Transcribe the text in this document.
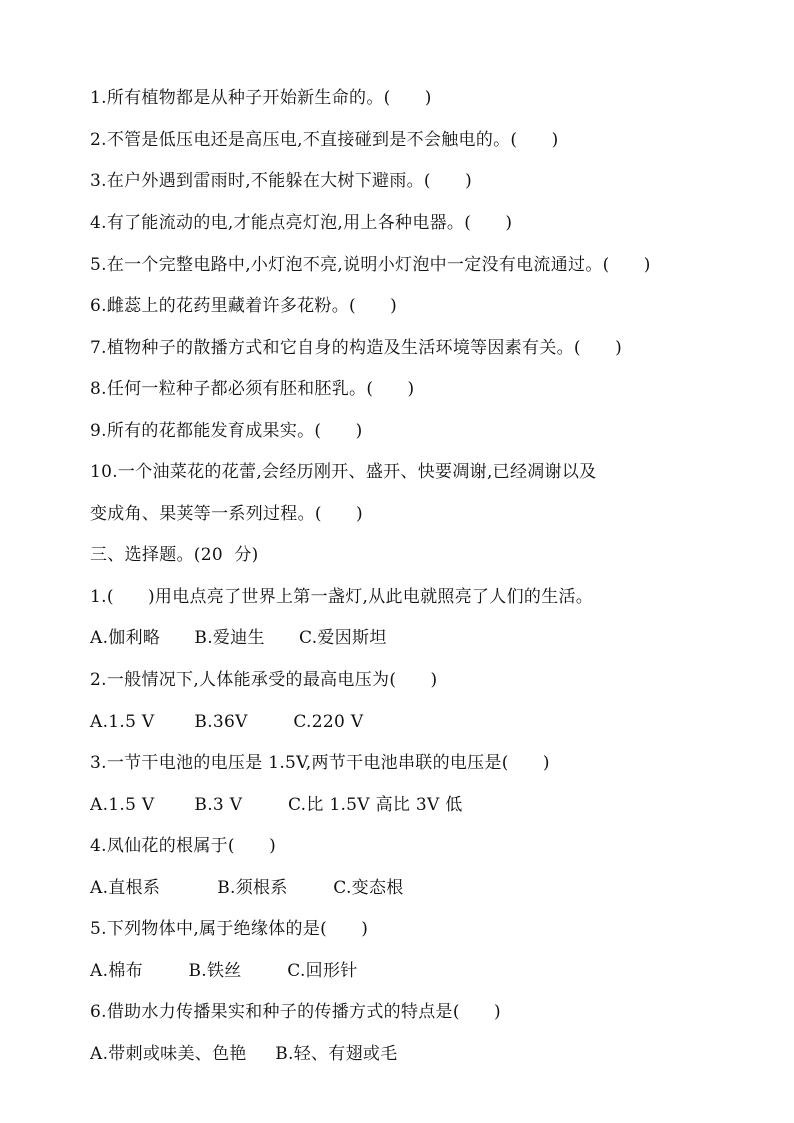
1.所有植物都是从种子开始新生命的。(      )
2.不管是低压电还是高压电,不直接碰到是不会触电的。(      )
3.在户外遇到雷雨时,不能躲在大树下避雨。(      )
4.有了能流动的电,才能点亮灯泡,用上各种电器。(      )
5.在一个完整电路中,小灯泡不亮,说明小灯泡中一定没有电流通过。(      )
6.雌蕊上的花药里藏着许多花粉。(      )
7.植物种子的散播方式和它自身的构造及生活环境等因素有关。(      )
8.任何一粒种子都必须有胚和胚乳。(      )
9.所有的花都能发育成果实。(      )
10.一个油菜花的花蕾,会经历刚开、盛开、快要凋谢,已经凋谢以及
变成角、果荚等一系列过程。(      )
三、选择题。(20  分)
1.(      )用电点亮了世界上第一盏灯,从此电就照亮了人们的生活。
A.伽利略      B.爱迪生      C.爱因斯坦
2.一般情况下,人体能承受的最高电压为(      )
A.1.5 V       B.36V        C.220 V
3.一节干电池的电压是 1.5V,两节干电池串联的电压是(      )
A.1.5 V       B.3 V        C.比 1.5V 高比 3V 低
4.凤仙花的根属于(      )
A.直根系          B.须根系        C.变态根
5.下列物体中,属于绝缘体的是(      )
A.棉布        B.铁丝        C.回形针
6.借助水力传播果实和种子的传播方式的特点是(      )
A.带刺或味美、色艳     B.轻、有翅或毛
